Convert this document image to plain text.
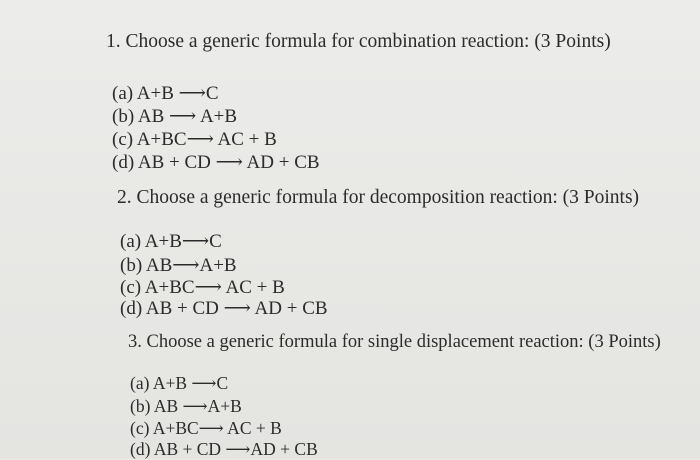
1. Choose a generic formula for combination reaction: (3 Points)
(a) A+B ⟶C
(b) AB ⟶ A+B
(c) A+BC⟶ AC + B
(d) AB + CD ⟶ AD + CB
2. Choose a generic formula for decomposition reaction: (3 Points)
(a) A+B⟶C
(b) AB⟶A+B
(c) A+BC⟶ AC + B
(d) AB + CD ⟶ AD + CB
3. Choose a generic formula for single displacement reaction: (3 Points)
(a) A+B ⟶C
(b) AB ⟶A+B
(c) A+BC⟶ AC + B
(d) AB + CD ⟶AD + CB
